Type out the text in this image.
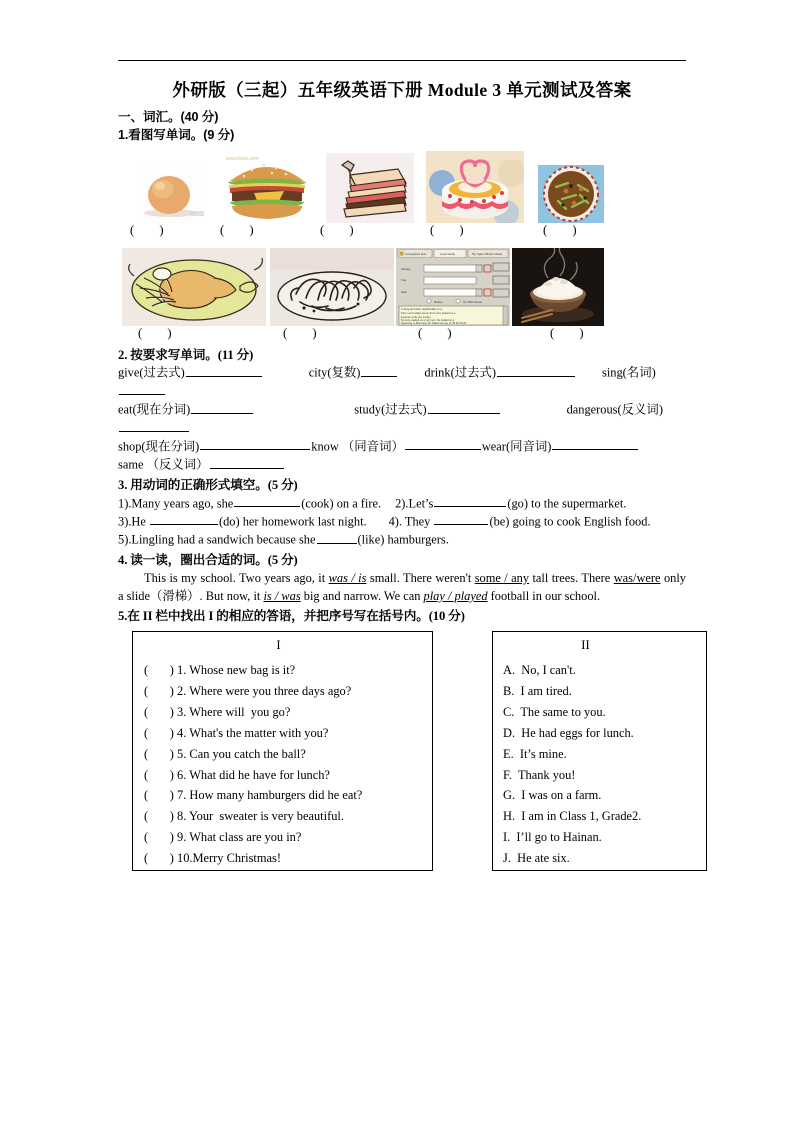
外研版（三起）五年级英语下册 Module 3 单元测试及答案

一、词汇。(40 分)

1.看图写单词。(9 分)

www.food.com
(        )	(        )	(        )	(        )	(        )
Unsupplied feat	Load Verify	My Spam Block Check
Always
Tue
Sam
Native	On 500 rascal
Is Drag and other rapidfire/fast on q
Post I and nolasp server for to item statied on o
Express verify you sneigo
Nt unity retaited on q very tact. No stalled on q
Returning to Mac have for Sallied ste are 12 00 40 44 20
(        )	(        )	(        )	(        )

2. 按要求写单词。(11 分)

give(过去式)	city(复数)	drink(过去式)	sing(名词)

eat(现在分词)	study(过去式)	dangerous(反义词)

shop(现在分词)	know （同音词）	wear(同音词)

same （反义词）

3. 用动词的正确形式填空。(5 分)

1).Many years ago, she	(cook) on a fire. 2).Let’s	(go) to the supermarket.

3).He	(do) her homework last night. 4). They	(be) going to cook English food.

5).Lingling had a sandwich because she	(like) hamburgers.

4. 读一读，圈出合适的词。(5 分)

This is my school. Two years ago, it was / is small. There weren't some / any tall trees. There was/were only a slide（滑梯）. But now, it is / was big and narrow. We can play / played football in our school.

5.在 II 栏中找出 I 的相应的答语，并把序号写在括号内。(10 分)

I
(       ) 1. Whose new bag is it?
(       ) 2. Where were you three days ago?
(       ) 3. Where will  you go?
(       ) 4. What's the matter with you?
(       ) 5. Can you catch the ball?
(       ) 6. What did he have for lunch?
(       ) 7. How many hamburgers did he eat?
(       ) 8. Your  sweater is very beautiful.
(       ) 9. What class are you in?
(       ) 10.Merry Christmas!
II
A.  No, I can't.
B.  I am tired.
C.  The same to you.
D.  He had eggs for lunch.
E.  It’s mine.
F.  Thank you!
G.  I was on a farm.
H.  I am in Class 1, Grade2.
I.  I’ll go to Hainan.
J.  He ate six.
